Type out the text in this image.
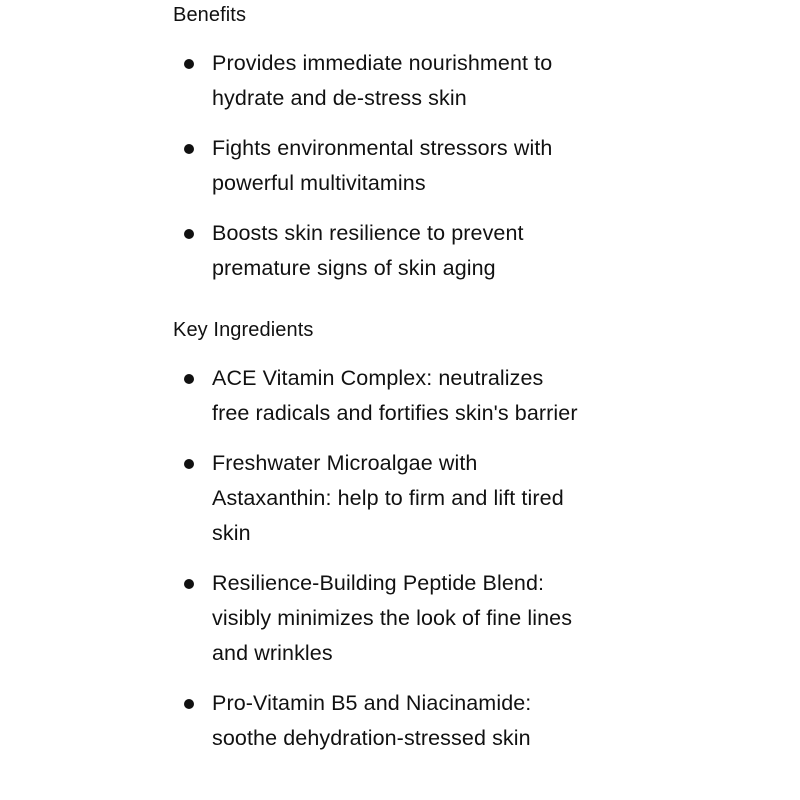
Benefits
Provides immediate nourishment to
hydrate and de-stress skin
Fights environmental stressors with
powerful multivitamins
Boosts skin resilience to prevent
premature signs of skin aging
Key Ingredients
ACE Vitamin Complex: neutralizes
free radicals and fortifies skin's barrier
Freshwater Microalgae with
Astaxanthin: help to firm and lift tired
skin
Resilience-Building Peptide Blend:
visibly minimizes the look of fine lines
and wrinkles
Pro-Vitamin B5 and Niacinamide:
soothe dehydration-stressed skin
